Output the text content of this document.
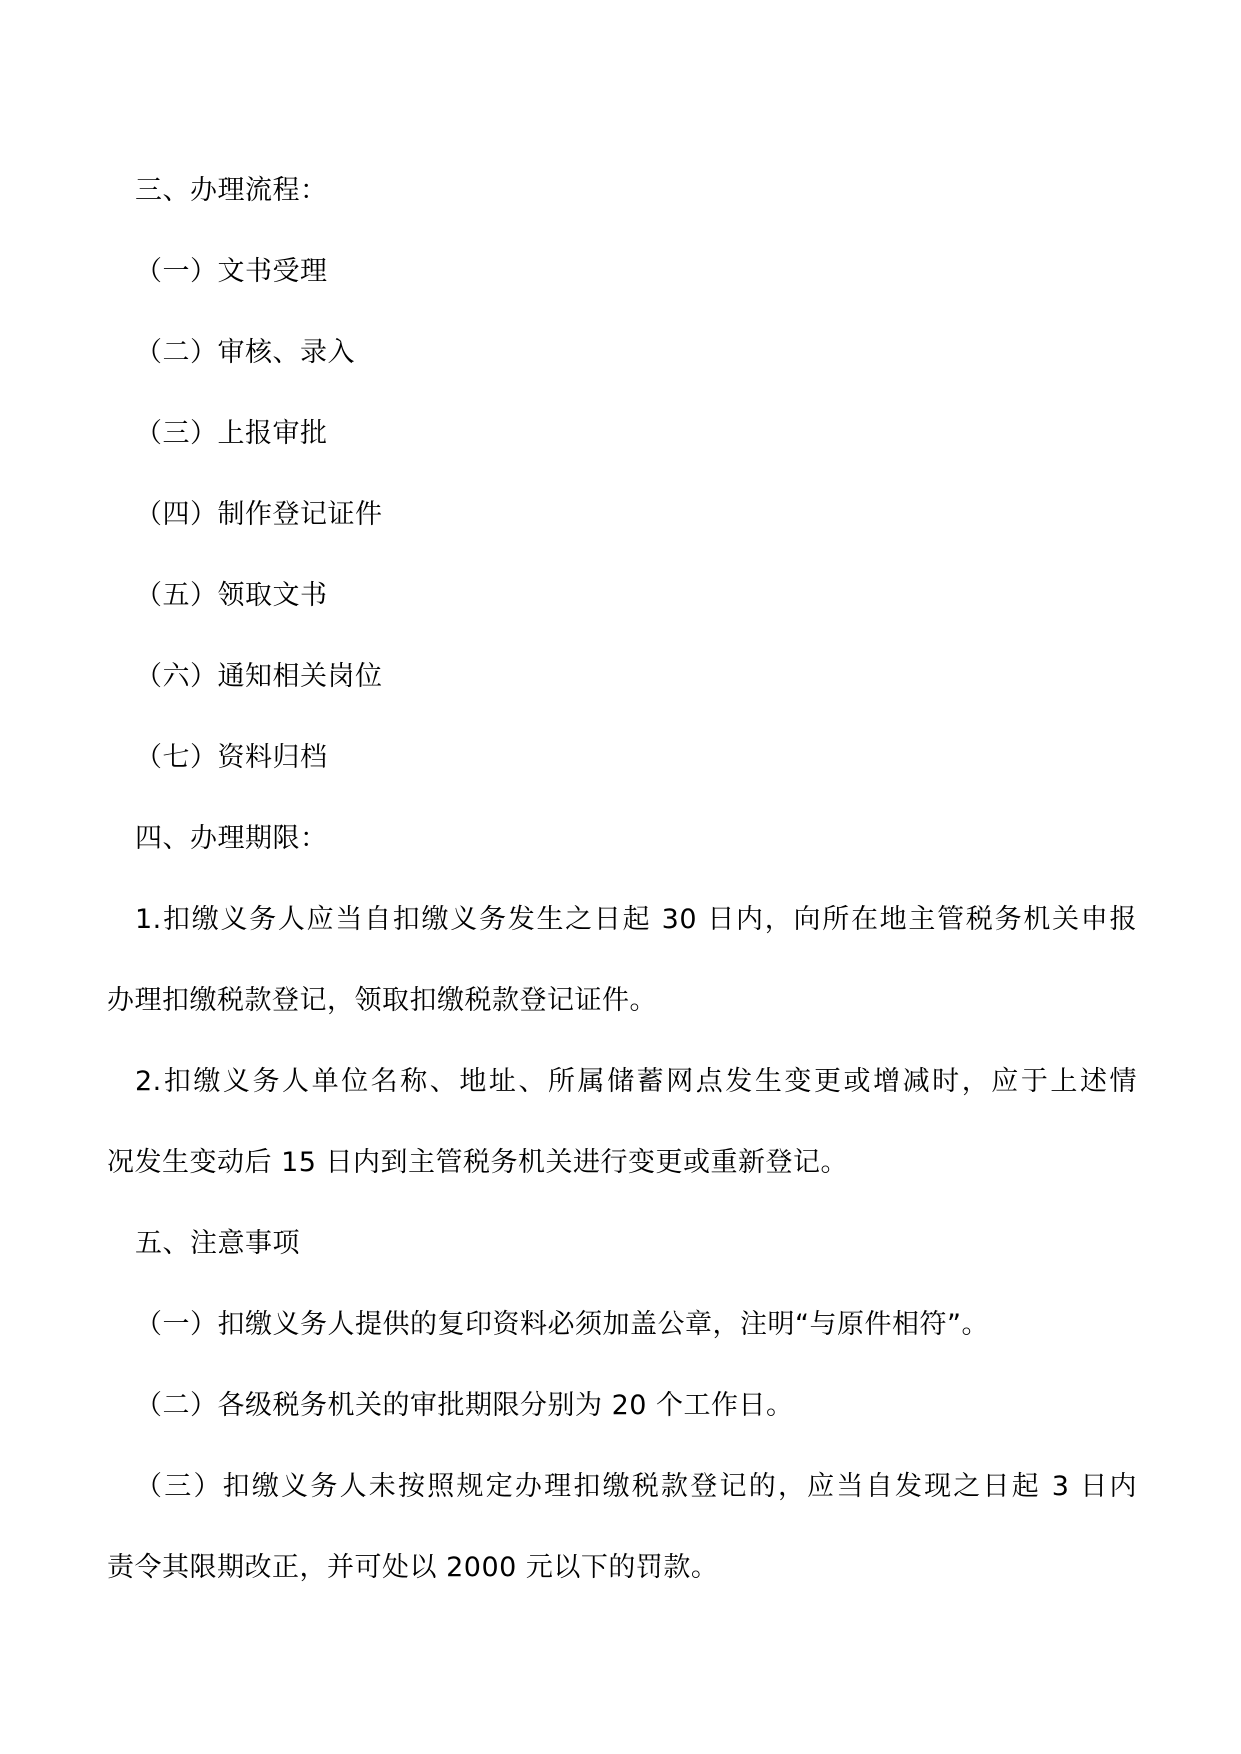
三、办理流程：
（一）文书受理
（二）审核、录入
（三）上报审批
（四）制作登记证件
（五）领取文书
（六）通知相关岗位
（七）资料归档
四、办理期限：
1.扣缴义务人应当自扣缴义务发生之日起 30 日内，向所在地主管税务机关申报
办理扣缴税款登记，领取扣缴税款登记证件。
2.扣缴义务人单位名称、地址、所属储蓄网点发生变更或增减时，应于上述情
况发生变动后 15 日内到主管税务机关进行变更或重新登记。
五、注意事项
（一）扣缴义务人提供的复印资料必须加盖公章，注明“与原件相符”。
（二）各级税务机关的审批期限分别为 20 个工作日。
（三）扣缴义务人未按照规定办理扣缴税款登记的，应当自发现之日起 3 日内
责令其限期改正，并可处以 2000 元以下的罚款。
